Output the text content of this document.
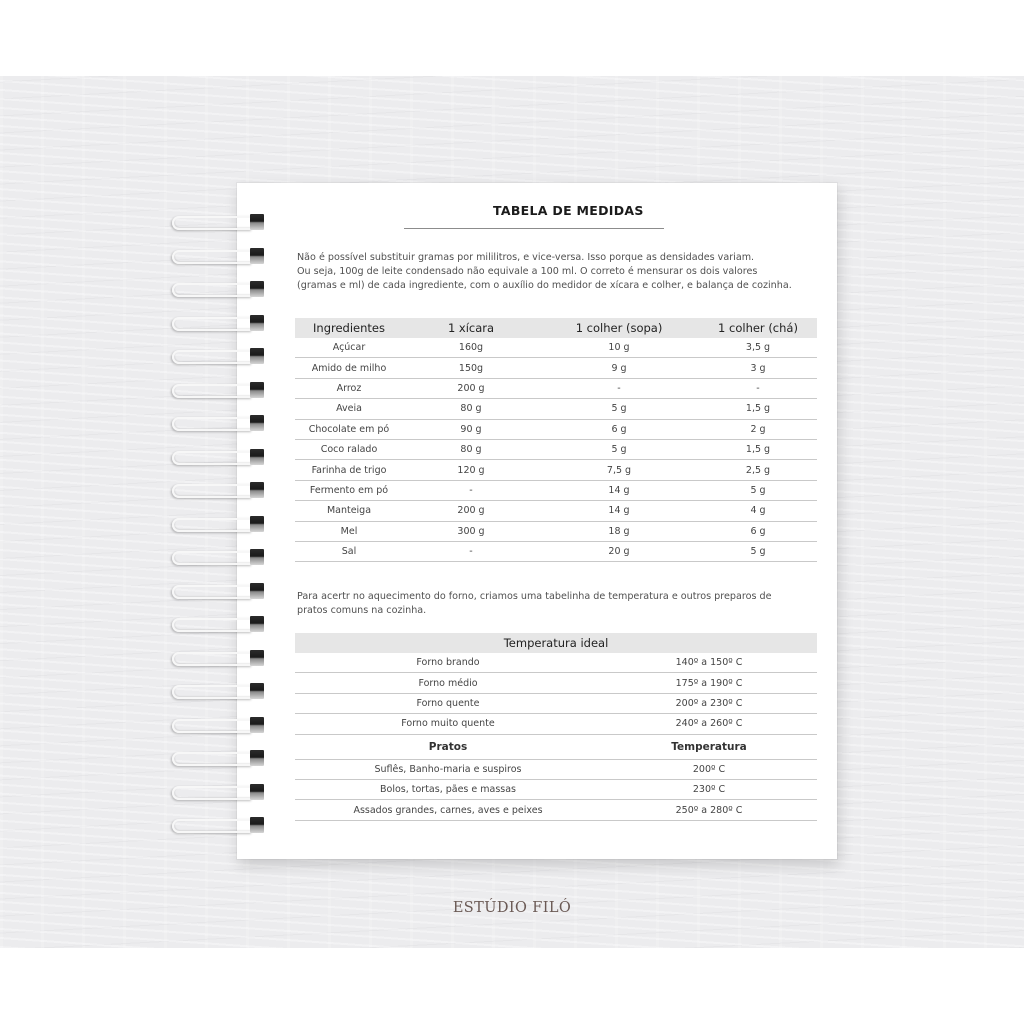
TABELA DE MEDIDAS
Não é possível substituir gramas por mililitros, e vice-versa. Isso porque as densidades variam.
Ou seja, 100g de leite condensado não equivale a 100 ml. O correto é mensurar os dois valores
(gramas e ml) de cada ingrediente, com o auxílio do medidor de xícara e colher, e balança de cozinha.
Ingredientes	1 xícara	1 colher (sopa)	1 colher (chá)
Açúcar	160g	10 g	3,5 g
Amido de milho	150g	9 g	3 g
Arroz	200 g	-	-
Aveia	80 g	5 g	1,5 g
Chocolate em pó	90 g	6 g	2 g
Coco ralado	80 g	5 g	1,5 g
Farinha de trigo	120 g	7,5 g	2,5 g
Fermento em pó	-	14 g	5 g
Manteiga	200 g	14 g	4 g
Mel	300 g	18 g	6 g
Sal	-	20 g	5 g
Para acertr no aquecimento do forno, criamos uma tabelinha de temperatura e outros preparos de
pratos comuns na cozinha.
Temperatura ideal	
Forno brando	140º a 150º C
Forno médio	175º a 190º C
Forno quente	200º a 230º C
Forno muito quente	240º a 260º C
Pratos	Temperatura
Suflês, Banho-maria e suspiros	200º C
Bolos, tortas, pães e massas	230º C
Assados grandes, carnes, aves e peixes	250º a 280º C
ESTÚDIO FILÓ
